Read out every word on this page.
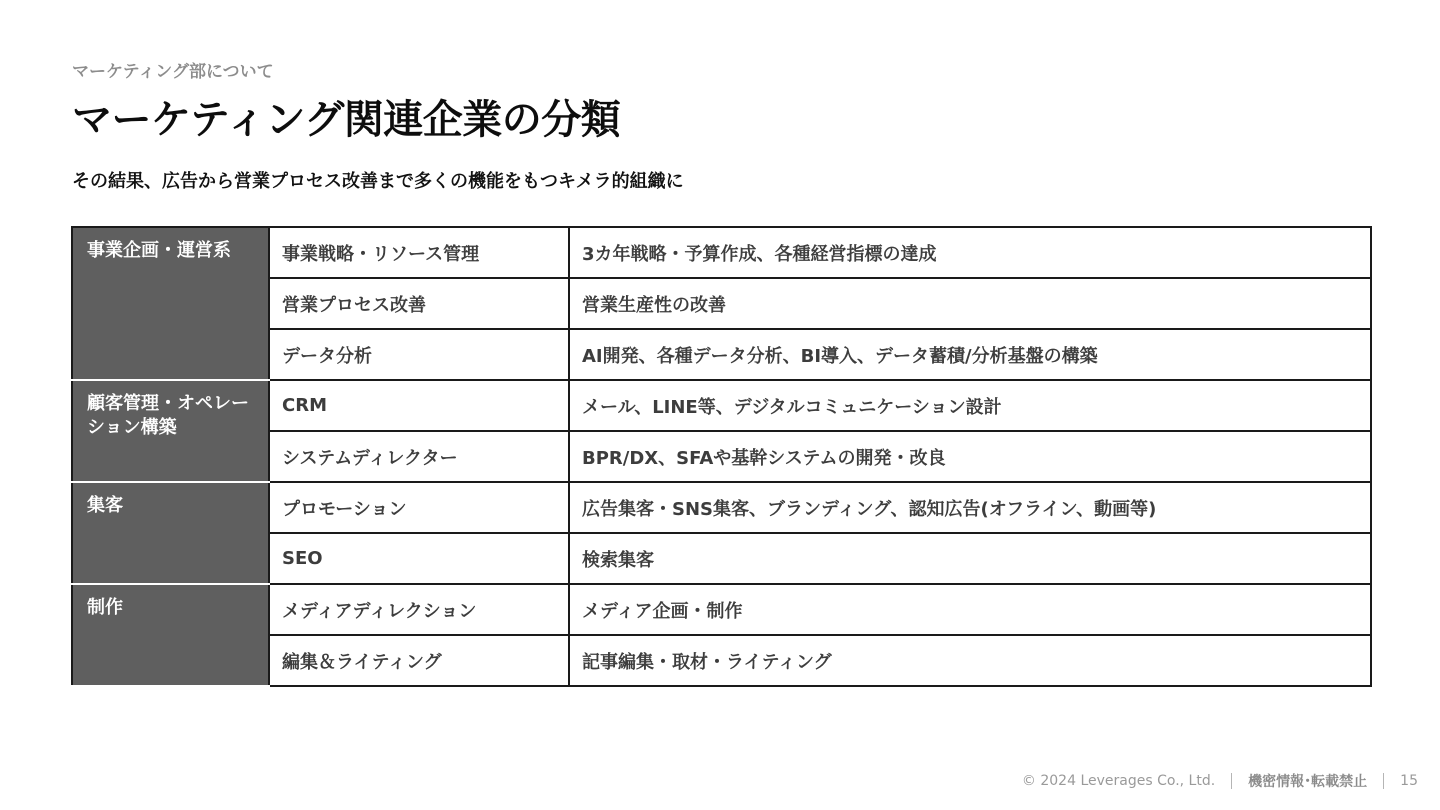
マーケティング部について
マーケティング関連企業の分類
その結果、広告から営業プロセス改善まで多くの機能をもつキメラ的組織に
事業企画・運営系	事業戦略・リソース管理	3カ年戦略・予算作成、各種経営指標の達成
	営業プロセス改善	営業生産性の改善
	データ分析	AI開発、各種データ分析、BI導入、データ蓄積/分析基盤の構築
顧客管理・オペレーション構築	CRM	メール、LINE等、デジタルコミュニケーション設計
	システムディレクター	BPR/DX、SFAや基幹システムの開発・改良
集客	プロモーション	広告集客・SNS集客、ブランディング、認知広告(オフライン、動画等)
	SEO	検索集客
制作	メディアディレクション	メディア企画・制作
	編集＆ライティング	記事編集・取材・ライティング
© 2024 Leverages Co., Ltd. 機密情報･転載禁止 15
